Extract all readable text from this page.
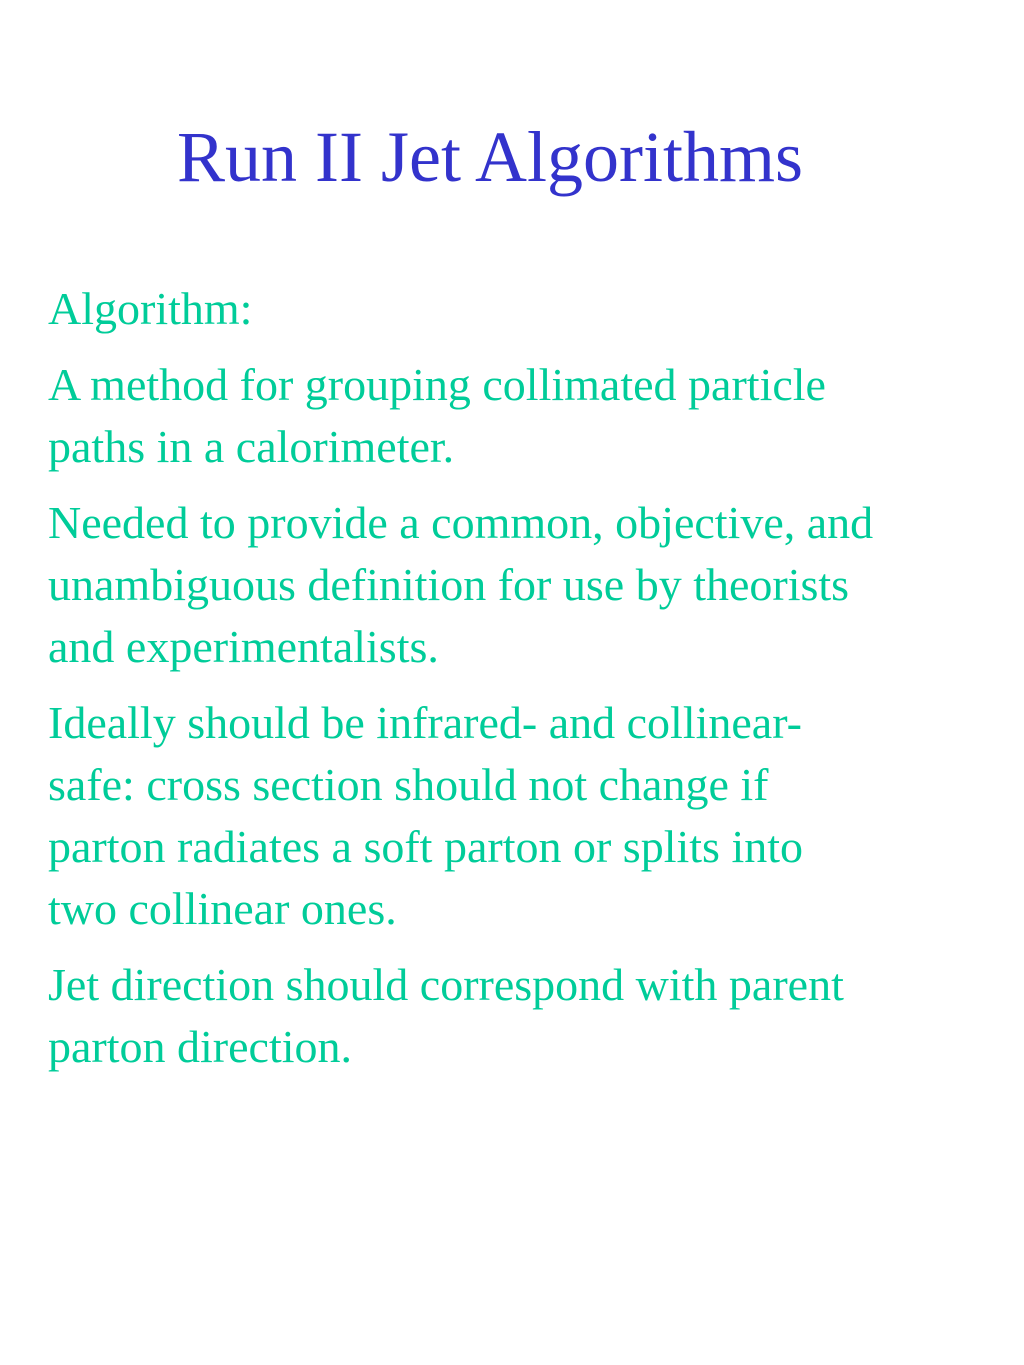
Run II Jet Algorithms

Algorithm:

A method for grouping collimated particle
paths in a calorimeter.

Needed to provide a common, objective, and
unambiguous definition for use by theorists
and experimentalists.

Ideally should be infrared- and collinear-
safe: cross section should not change if
parton radiates a soft parton or splits into
two collinear ones.

Jet direction should correspond with parent
parton direction.
